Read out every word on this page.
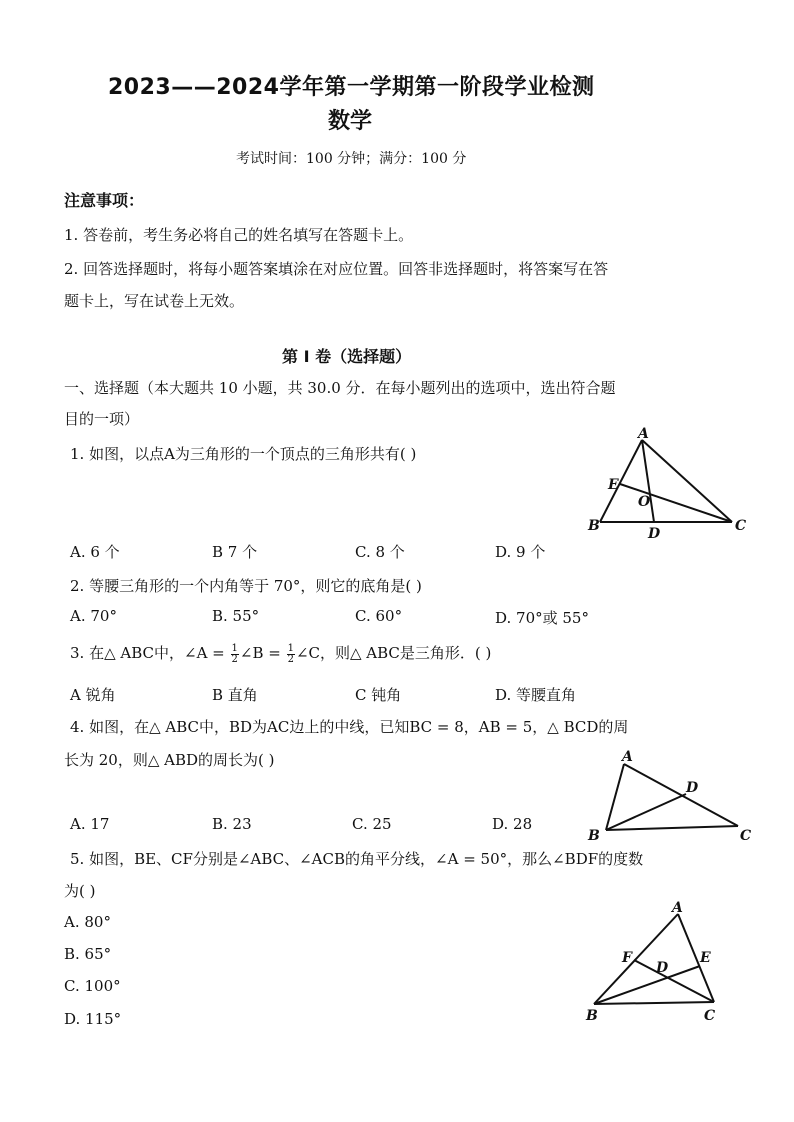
2023——2024学年第一学期第一阶段学业检测
数学
考试时间：100 分钟；满分：100 分
注意事项：
1. 答卷前，考生务必将自己的姓名填写在答题卡上。
2. 回答选择题时，将每小题答案填涂在对应位置。回答非选择题时，将答案写在答
题卡上，写在试卷上无效。
第 I 卷（选择题）
一、选择题（本大题共 10 小题，共 30.0 分．在每小题列出的选项中，选出符合题
目的一项）
1. 如图，以点A为三角形的一个顶点的三角形共有( )
A
B	C
D
E
O
A. 6 个	B 7 个	C. 8 个	D. 9 个
2. 等腰三角形的一个内角等于 70°，则它的底角是( )
A. 70°	B. 55°	C. 60°	D. 70°或 55°
3. 在△ ABC中，∠A = $\frac{1}{2}$ ∠B = $\frac{1}{2}$ ∠C，则△ ABC是三角形．( )
A 锐角	B 直角	C 钝角	D. 等腰直角
4. 如图，在△ ABC中，BD为AC边上的中线，已知BC = 8，AB = 5，△ BCD的周
长为 20，则△ ABD的周长为( )	A
B	C
D
A. 17	B. 23	C. 25	D. 28
5. 如图，BE、CF分别是∠ABC、∠ACB的角平分线，∠A = 50°，那么∠BDF的度数
为( )
A. 80°
B. 65°
C. 100°
D. 115°
A
B	C
D
E
F
